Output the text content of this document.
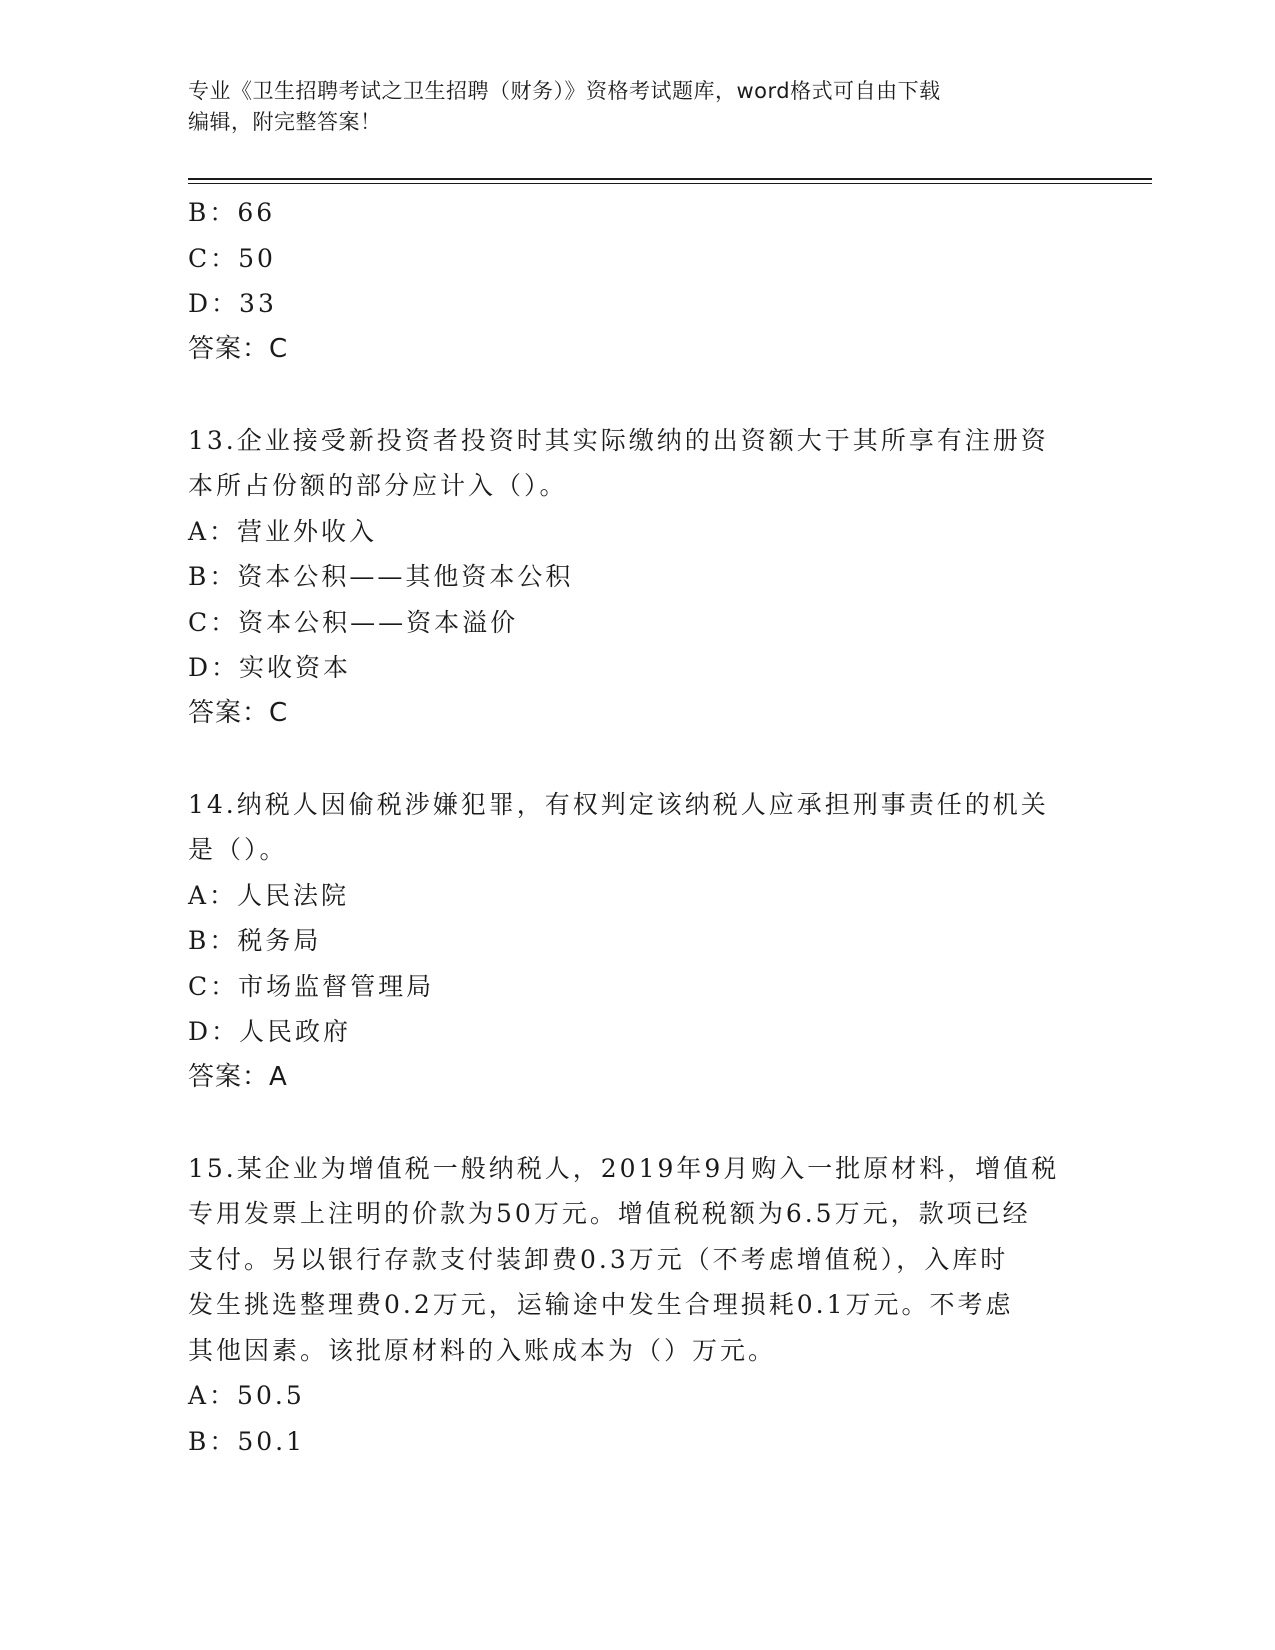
专业《卫生招聘考试之卫生招聘（财务）》资格考试题库，word格式可自由下载
编辑，附完整答案！
B：66
C：50
D：33
答案：C
13.企业接受新投资者投资时其实际缴纳的出资额大于其所享有注册资
本所占份额的部分应计入（）。
A：营业外收入
B：资本公积——其他资本公积
C：资本公积——资本溢价
D：实收资本
答案：C
14.纳税人因偷税涉嫌犯罪，有权判定该纳税人应承担刑事责任的机关
是（）。
A：人民法院
B：税务局
C：市场监督管理局
D：人民政府
答案：A
15.某企业为增值税一般纳税人，2019年9月购入一批原材料，增值税
专用发票上注明的价款为50万元。增值税税额为6.5万元，款项已经
支付。另以银行存款支付装卸费0.3万元（不考虑增值税），入库时
发生挑选整理费0.2万元，运输途中发生合理损耗0.1万元。不考虑
其他因素。该批原材料的入账成本为（）万元。
A：50.5
B：50.1
